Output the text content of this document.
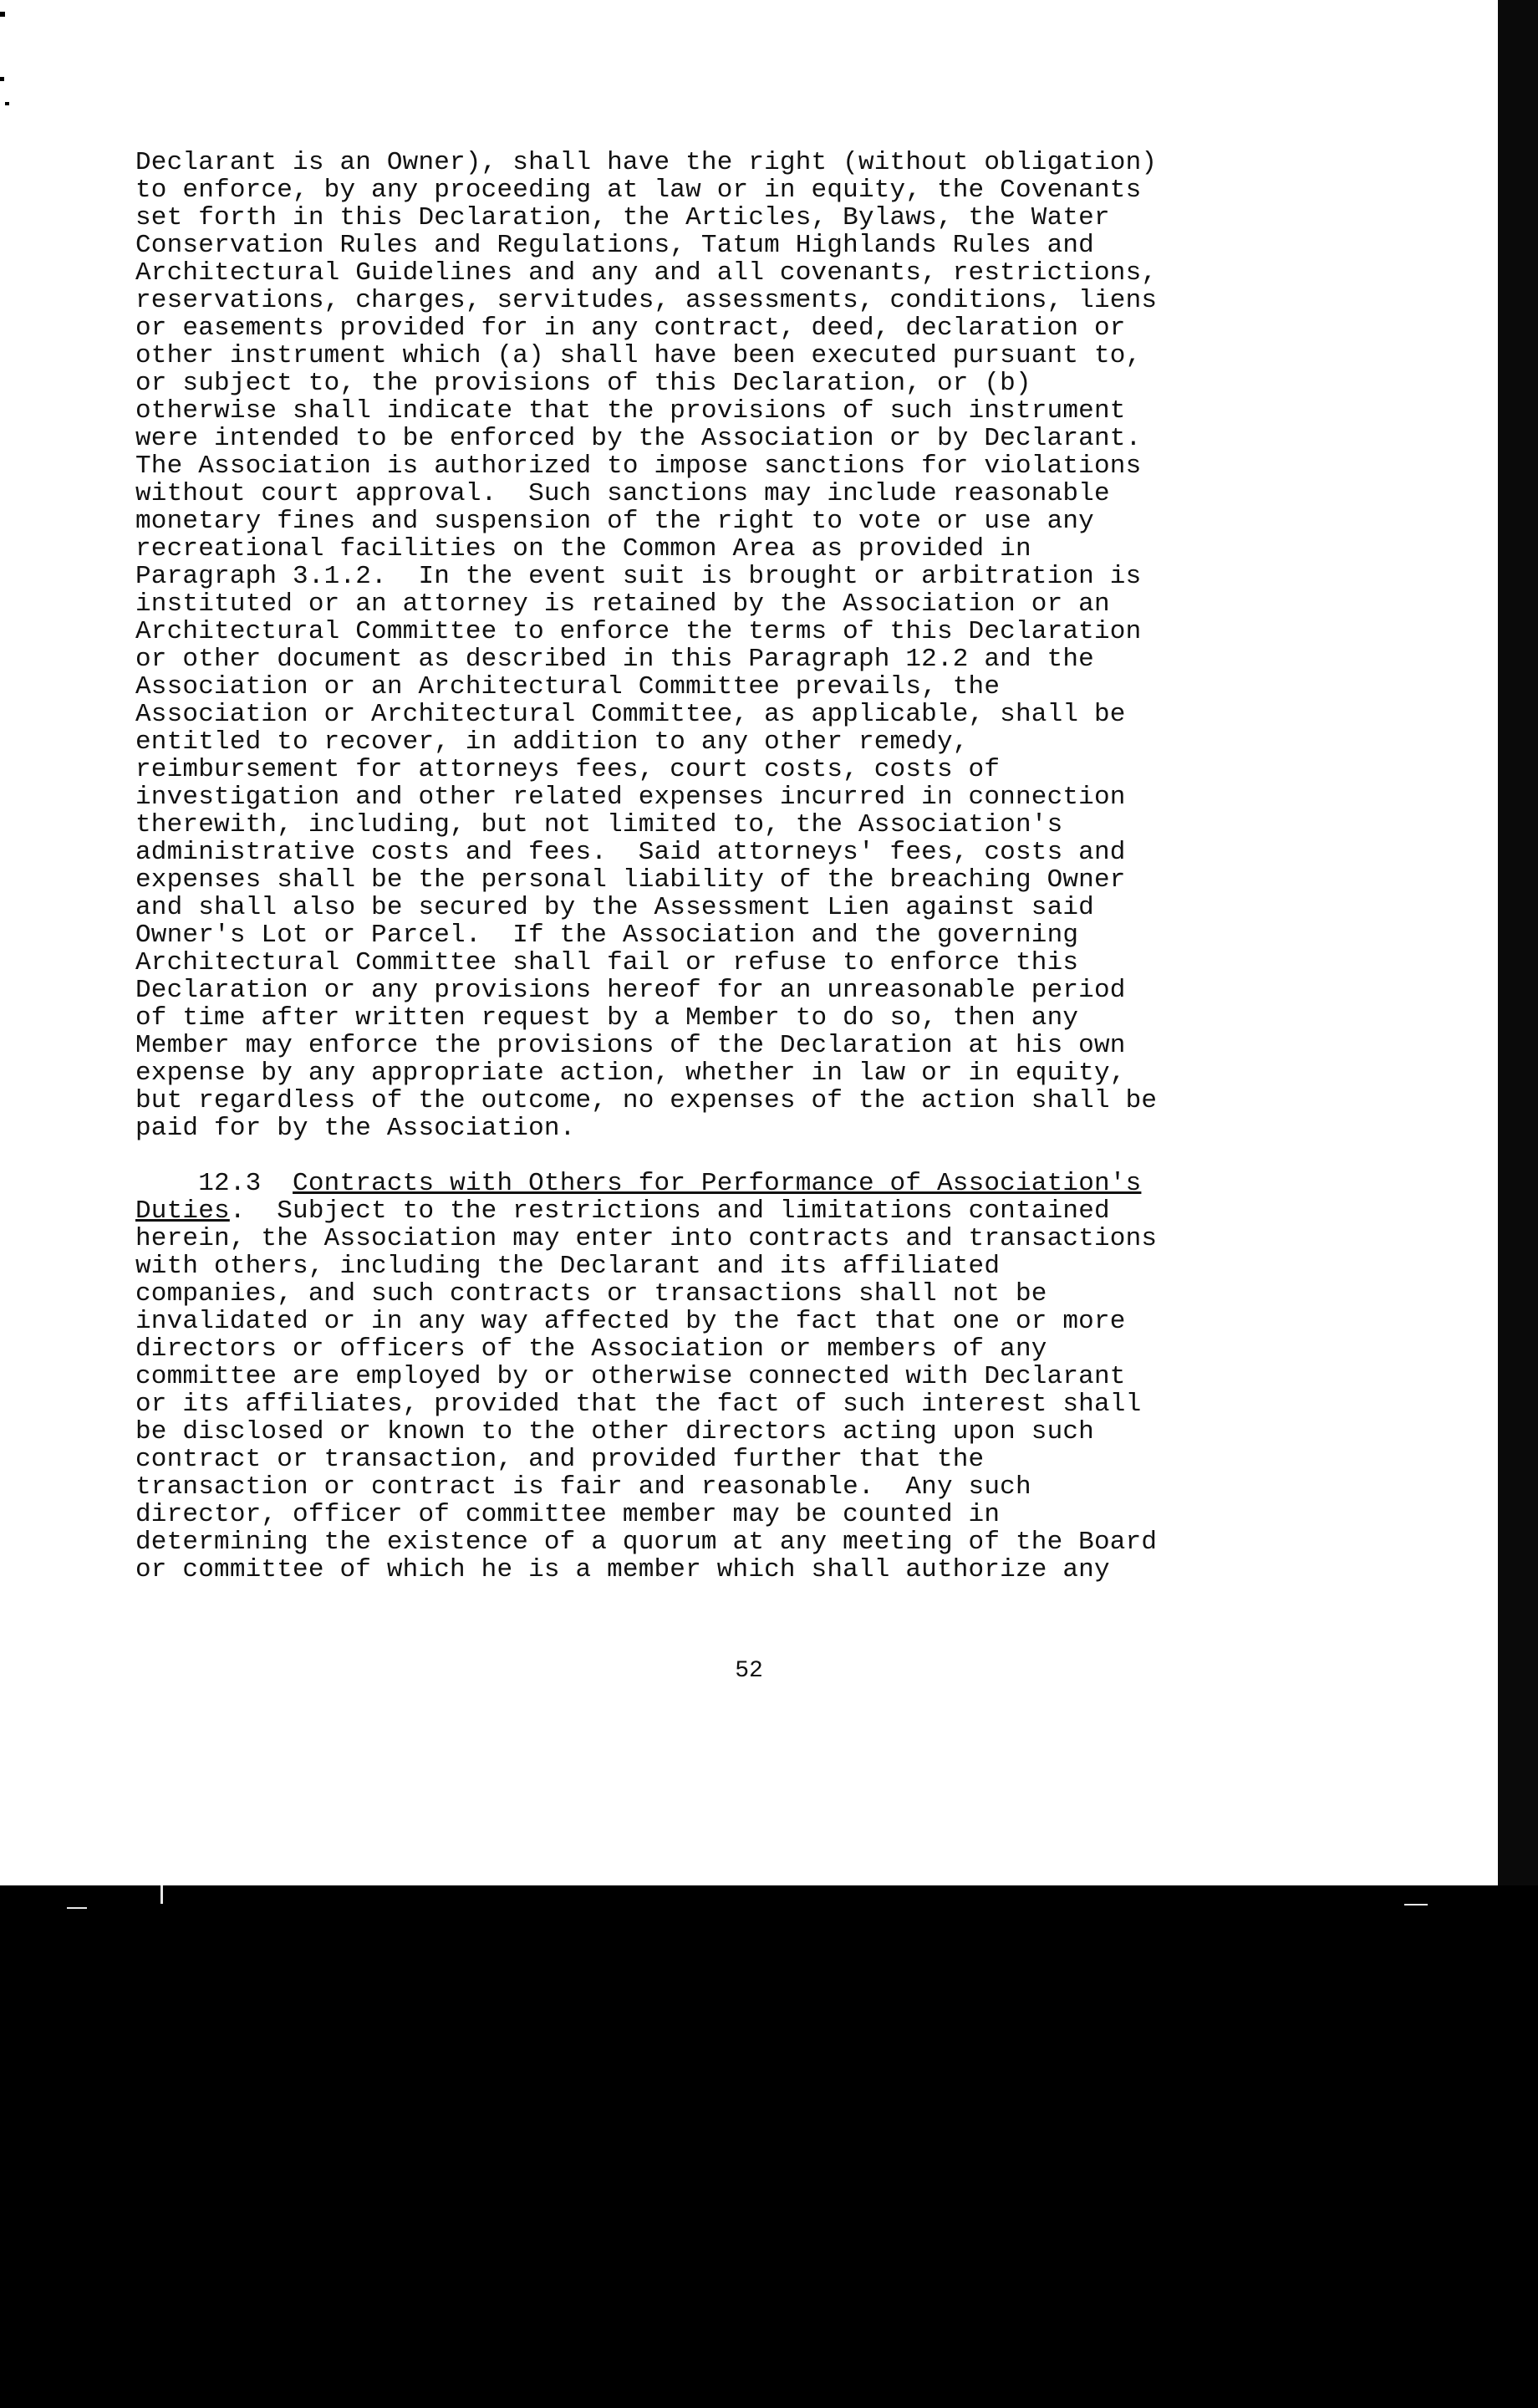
Declarant is an Owner), shall have the right (without obligation)
to enforce, by any proceeding at law or in equity, the Covenants
set forth in this Declaration, the Articles, Bylaws, the Water
Conservation Rules and Regulations, Tatum Highlands Rules and
Architectural Guidelines and any and all covenants, restrictions,
reservations, charges, servitudes, assessments, conditions, liens
or easements provided for in any contract, deed, declaration or
other instrument which (a) shall have been executed pursuant to,
or subject to, the provisions of this Declaration, or (b)
otherwise shall indicate that the provisions of such instrument
were intended to be enforced by the Association or by Declarant.
The Association is authorized to impose sanctions for violations
without court approval.  Such sanctions may include reasonable
monetary fines and suspension of the right to vote or use any
recreational facilities on the Common Area as provided in
Paragraph 3.1.2.  In the event suit is brought or arbitration is
instituted or an attorney is retained by the Association or an
Architectural Committee to enforce the terms of this Declaration
or other document as described in this Paragraph 12.2 and the
Association or an Architectural Committee prevails, the
Association or Architectural Committee, as applicable, shall be
entitled to recover, in addition to any other remedy,
reimbursement for attorneys fees, court costs, costs of
investigation and other related expenses incurred in connection
therewith, including, but not limited to, the Association's
administrative costs and fees.  Said attorneys' fees, costs and
expenses shall be the personal liability of the breaching Owner
and shall also be secured by the Assessment Lien against said
Owner's Lot or Parcel.  If the Association and the governing
Architectural Committee shall fail or refuse to enforce this
Declaration or any provisions hereof for an unreasonable period
of time after written request by a Member to do so, then any
Member may enforce the provisions of the Declaration at his own
expense by any appropriate action, whether in law or in equity,
but regardless of the outcome, no expenses of the action shall be
paid for by the Association.
12.3 Contracts with Others for Performance of Association's
Duties.  Subject to the restrictions and limitations contained
herein, the Association may enter into contracts and transactions
with others, including the Declarant and its affiliated
companies, and such contracts or transactions shall not be
invalidated or in any way affected by the fact that one or more
directors or officers of the Association or members of any
committee are employed by or otherwise connected with Declarant
or its affiliates, provided that the fact of such interest shall
be disclosed or known to the other directors acting upon such
contract or transaction, and provided further that the
transaction or contract is fair and reasonable.  Any such
director, officer of committee member may be counted in
determining the existence of a quorum at any meeting of the Board
or committee of which he is a member which shall authorize any
52
